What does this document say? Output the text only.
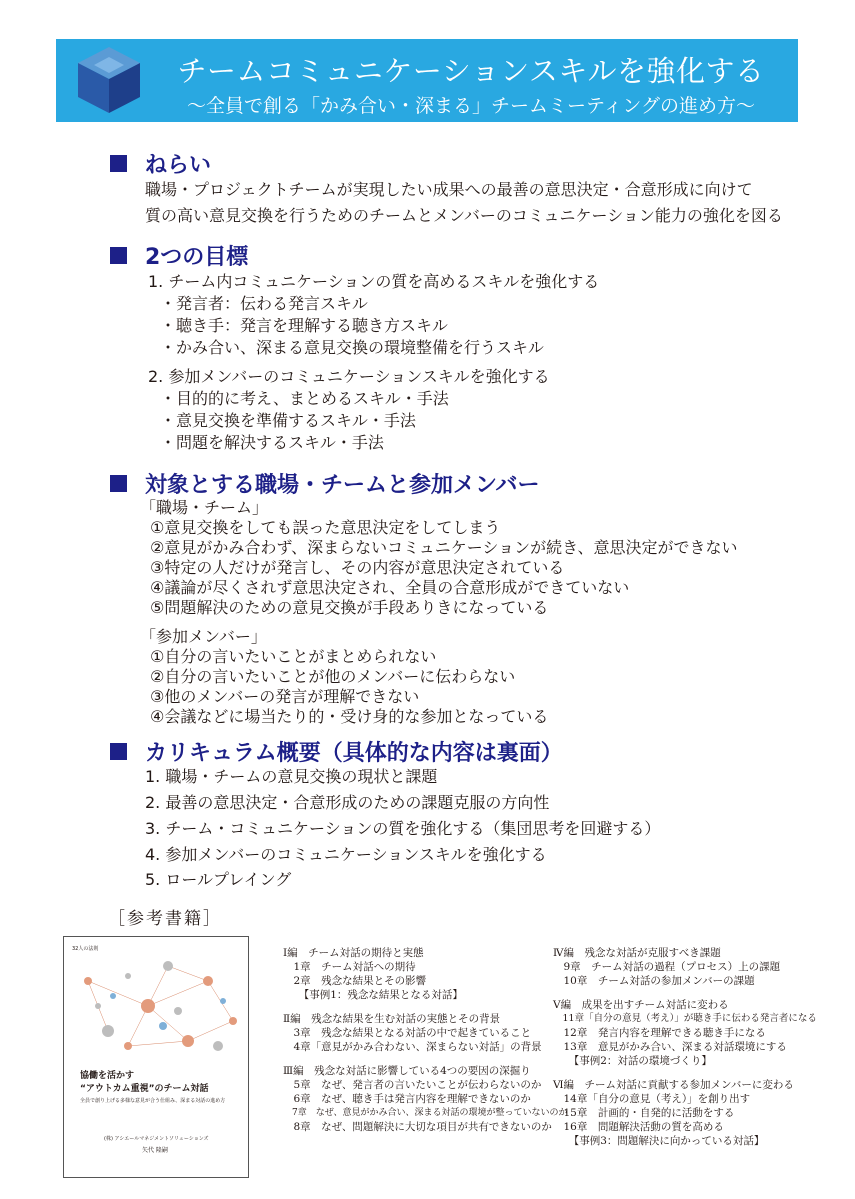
チームコミュニケーションスキルを強化する
〜全員で創る「かみ合い・深まる」チームミーティングの進め方〜
ねらい
職場・プロジェクトチームが実現したい成果への最善の意思決定・合意形成に向けて
質の高い意見交換を行うためのチームとメンバーのコミュニケーション能力の強化を図る
2つの目標
1. チーム内コミュニケーションの質を高めるスキルを強化する
・発言者：伝わる発言スキル
・聴き手：発言を理解する聴き方スキル
・かみ合い、深まる意見交換の環境整備を行うスキル
2. 参加メンバーのコミュニケーションスキルを強化する
・目的的に考え、まとめるスキル・手法
・意見交換を準備するスキル・手法
・問題を解決するスキル・手法
対象とする職場・チームと参加メンバー
「職場・チーム」
①意見交換をしても誤った意思決定をしてしまう
②意見がかみ合わず、深まらないコミュニケーションが続き、意思決定ができない
③特定の人だけが発言し、その内容が意思決定されている
④議論が尽くされず意思決定され、全員の合意形成ができていない
⑤問題解決のための意見交換が手段ありきになっている
「参加メンバー」
①自分の言いたいことがまとめられない
②自分の言いたいことが他のメンバーに伝わらない
③他のメンバーの発言が理解できない
④会議などに場当たり的・受け身的な参加となっている
カリキュラム概要（具体的な内容は裏面）
1. 職場・チームの意見交換の現状と課題
2. 最善の意思決定・合意形成のための課題克服の方向性
3. チーム・コミュニケーションの質を強化する（集団思考を回避する）
4. 参加メンバーのコミュニケーションスキルを強化する
5. ロールプレイング
［参考書籍］
32人の法則
協働を活かす
“アウトカム重視”のチーム対話
全員で創り上げる多様な意見が合う仕組み、深まる対話の進め方
(株) アシエールマネジメントソリューションズ
矢代 隆嗣
Ⅰ編　チーム対話の期待と実態
　1章　チーム対話への期待
　2章　残念な結果とその影響
　　【事例1：残念な結果となる対話】
Ⅱ編　残念な結果を生む対話の実態とその背景
　3章　残念な結果となる対話の中で起きていること
　4章「意見がかみ合わない、深まらない対話」の背景
Ⅲ編　残念な対話に影響している4つの要因の深掘り
　5章　なぜ、発言者の言いたいことが伝わらないのか
　6章　なぜ、聴き手は発言内容を理解できないのか
　7章　なぜ、意見がかみ合い、深まる対話の環境が整っていないのか
　8章　なぜ、問題解決に大切な項目が共有できないのか
Ⅳ編　残念な対話が克服すべき課題
　9章　チーム対話の過程（プロセス）上の課題
　10章　チーム対話の参加メンバーの課題
Ⅴ編　成果を出すチーム対話に変わる
　11章「自分の意見（考え）」が聴き手に伝わる発言者になる
　12章　発言内容を理解できる聴き手になる
　13章　意見がかみ合い、深まる対話環境にする
　　【事例2：対話の環境づくり】
Ⅵ編　チーム対話に貢献する参加メンバーに変わる
　14章「自分の意見（考え）」を創り出す
　15章　計画的・自発的に活動をする
　16章　問題解決活動の質を高める
　　【事例3：問題解決に向かっている対話】
